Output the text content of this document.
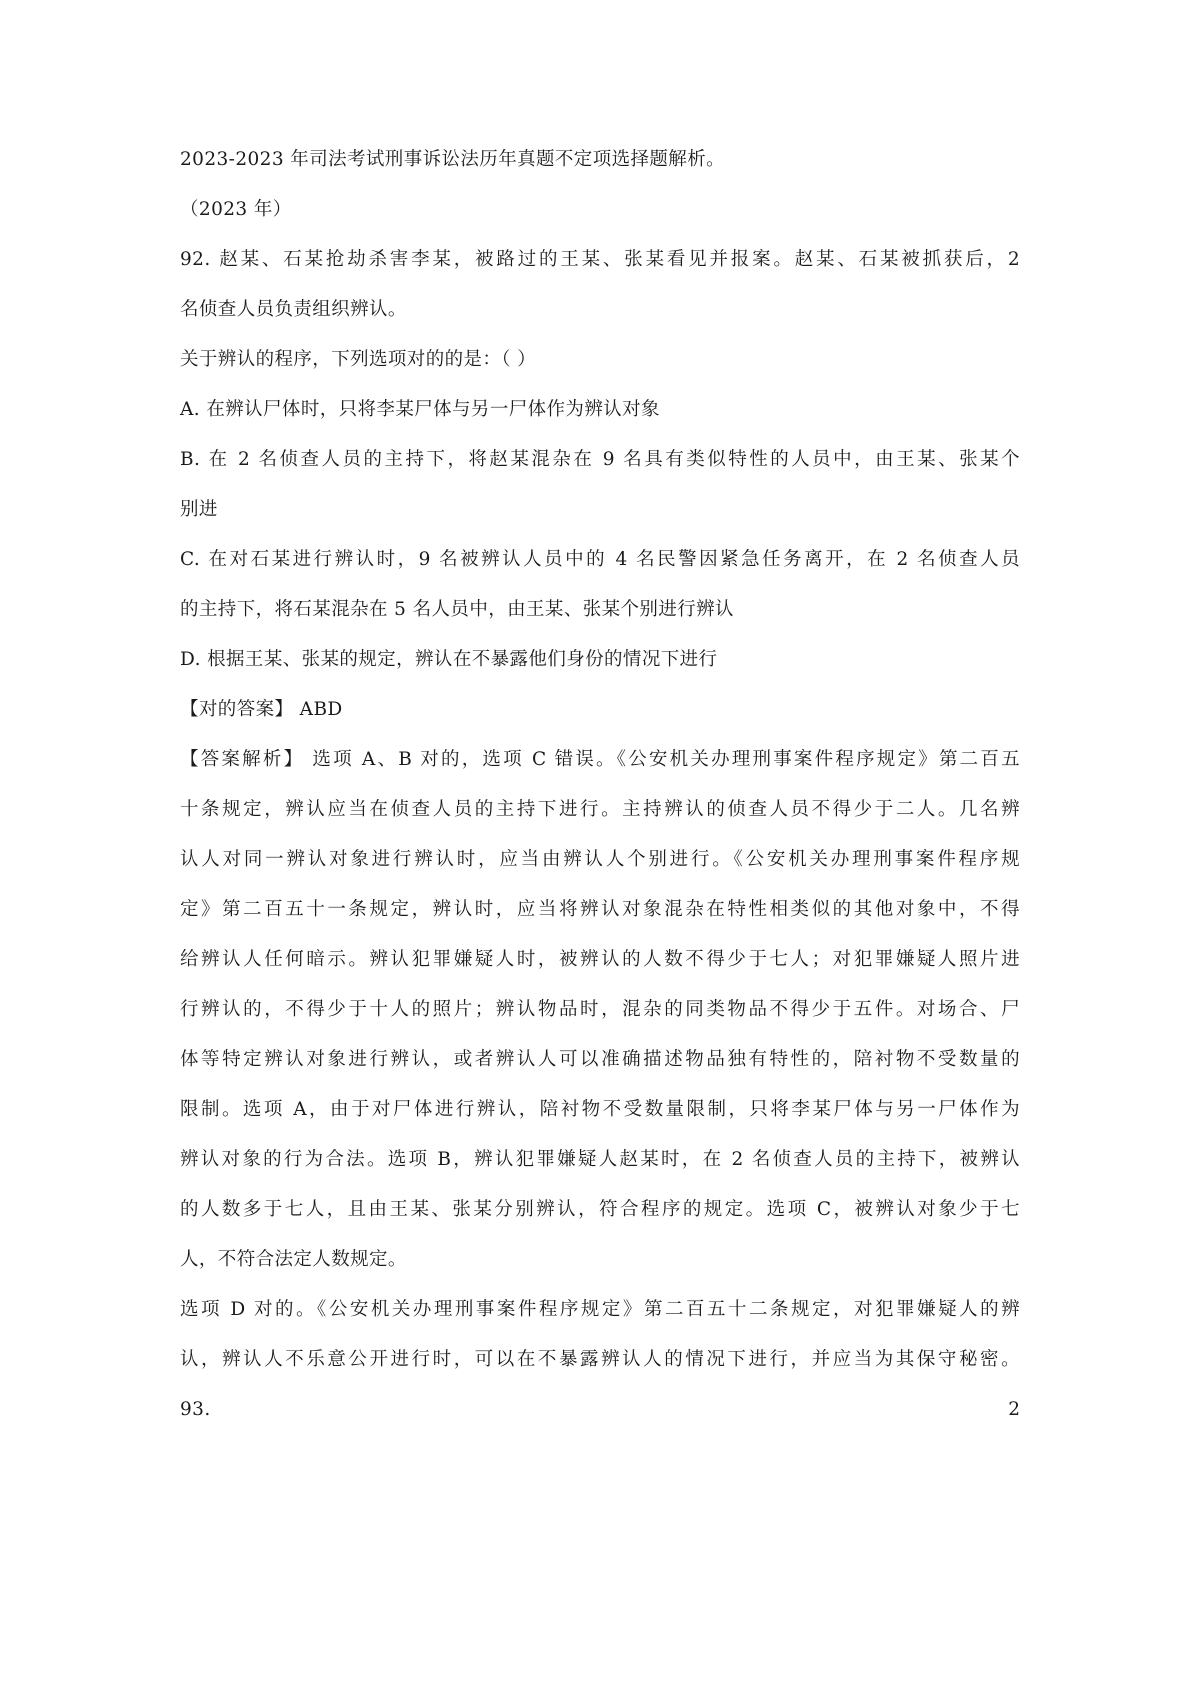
2023-2023 年司法考试刑事诉讼法历年真题不定项选择题解析。
（2023 年）
92. 赵某、石某抢劫杀害李某，被路过的王某、张某看见并报案。赵某、石某被抓获后，2
名侦查人员负责组织辨认。
关于辨认的程序，下列选项对的的是：（ ）
A. 在辨认尸体时，只将李某尸体与另一尸体作为辨认对象
B. 在 2 名侦查人员的主持下，将赵某混杂在 9 名具有类似特性的人员中，由王某、张某个
别进
C. 在对石某进行辨认时，9 名被辨认人员中的 4 名民警因紧急任务离开，在 2 名侦查人员
的主持下，将石某混杂在 5 名人员中，由王某、张某个别进行辨认
D. 根据王某、张某的规定，辨认在不暴露他们身份的情况下进行
【对的答案】 ABD
【答案解析】 选项 A、B 对的，选项 C 错误。《公安机关办理刑事案件程序规定》第二百五
十条规定，辨认应当在侦查人员的主持下进行。主持辨认的侦查人员不得少于二人。几名辨
认人对同一辨认对象进行辨认时，应当由辨认人个别进行。《公安机关办理刑事案件程序规
定》第二百五十一条规定，辨认时，应当将辨认对象混杂在特性相类似的其他对象中，不得
给辨认人任何暗示。辨认犯罪嫌疑人时，被辨认的人数不得少于七人；对犯罪嫌疑人照片进
行辨认的，不得少于十人的照片；辨认物品时，混杂的同类物品不得少于五件。对场合、尸
体等特定辨认对象进行辨认，或者辨认人可以准确描述物品独有特性的，陪衬物不受数量的
限制。选项 A，由于对尸体进行辨认，陪衬物不受数量限制，只将李某尸体与另一尸体作为
辨认对象的行为合法。选项 B，辨认犯罪嫌疑人赵某时，在 2 名侦查人员的主持下，被辨认
的人数多于七人，且由王某、张某分别辨认，符合程序的规定。选项 C，被辨认对象少于七
人，不符合法定人数规定。
选项 D 对的。《公安机关办理刑事案件程序规定》第二百五十二条规定，对犯罪嫌疑人的辨
认，辨认人不乐意公开进行时，可以在不暴露辨认人的情况下进行，并应当为其保守秘密。
93.	2
